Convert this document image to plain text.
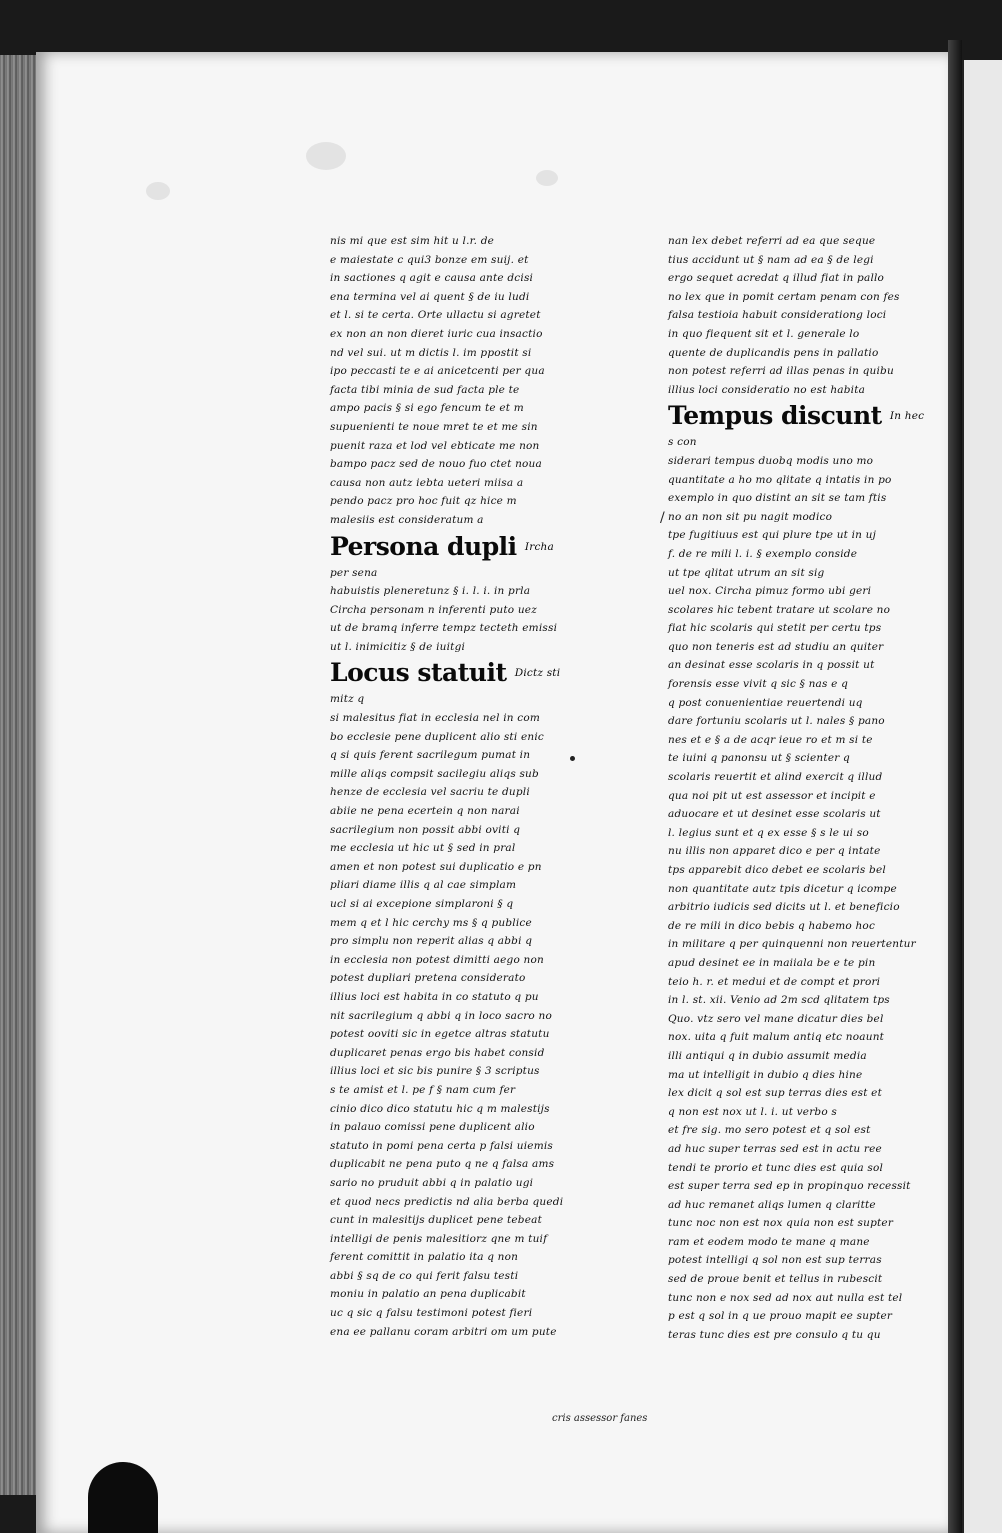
nis mi que est sim hit u l.r. de
e maiestate c qui3 bonze em suij. et
in sactiones q agit e causa ante dcisi
ena termina vel ai quent § de iu ludi
et l. si te certa. Orte ullactu si agretet
ex non an non dieret iuric cua insactio
nd vel sui. ut m dictis l. im ppostit si
ipo peccasti te e ai anicetcenti per qua
facta tibi minia de sud facta ple te
ampo pacis § si ego fencum te et m
supuenienti te noue mret te et me sin
puenit raza et lod vel ebticate me non
bampo pacz sed de nouo fuo ctet noua
causa non autz iebta ueteri miisa a
pendo pacz pro hoc fuit qz hice m
malesiis est consideratum a
Persona dupli $^{Ircha}$
per sena
habuistis pleneretunz § i. l. i. in prla
Circha personam n inferenti puto uez
ut de bramq inferre tempz tecteth emissi
ut l. inimicitiz § de iuitgi
Locus statuit $^{Dictz sti}$
mitz q
si malesitus fiat in ecclesia nel in com
bo ecclesie pene duplicent alio sti enic
q si quis ferent sacrilegum pumat in
mille aliqs compsit sacilegiu aliqs sub
henze de ecclesia vel sacriu te dupli
abiie ne pena ecertein q non narai
sacrilegium non possit abbi oviti q
me ecclesia ut hic ut § sed in pral
amen et non potest sui duplicatio e pn
pliari diame illis q al cae simplam
ucl si ai excepione simplaroni § q
mem q et l hic cerchy ms § q publice
pro simplu non reperit alias q abbi q
in ecclesia non potest dimitti aego non
potest dupliari pretena considerato
illius loci est habita in co statuto q pu
nit sacrilegium q abbi q in loco sacro no
potest ooviti sic in egetce altras statutu
duplicaret penas ergo bis habet consid
illius loci et sic bis punire § 3 scriptus
s te amist et l. pe f § nam cum fer
cinio dico dico statutu hic q m malestijs
in palauo comissi pene duplicent alio
statuto in pomi pena certa p falsi uiemis
duplicabit ne pena puto q ne q falsa ams
sario no pruduit abbi q in palatio ugi
et quod necs predictis nd alia berba quedi
cunt in malesitijs duplicet pene tebeat
intelligi de penis malesitiorz qne m tuif
ferent comittit in palatio ita q non
abbi § sq de co qui ferit falsu testi
moniu in palatio an pena duplicabit
uc q sic q falsu testimoni potest fieri
ena ee pallanu coram arbitri om um pute
nan lex debet referri ad ea que seque
tius accidunt ut § nam ad ea § de legi
ergo sequet acredat q illud fiat in pallo
no lex que in pomit certam penam con fes
falsa testioia habuit considerationg loci
in quo fiequent sit et l. generale lo
quente de duplicandis pens in pallatio
non potest referri ad illas penas in quibu
illius loci consideratio no est habita
Tempus discunt $^{In hec}$
s con
siderari tempus duobq modis uno mo
quantitate a ho mo qlitate q intatis in po
exemplo in quo distint an sit se tam ftis
no an non sit pu nagit modico
tpe fugitiuus est qui plure tpe ut in uj
f. de re mili l. i. § exemplo conside
ut tpe qlitat utrum an sit sig
uel nox. Circha pimuz formo ubi geri
scolares hic tebent tratare ut scolare no
fiat hic scolaris qui stetit per certu tps
quo non teneris est ad studiu an quiter
an desinat esse scolaris in q possit ut
forensis esse vivit q sic § nas e q
q post conuenientiae reuertendi uq
dare fortuniu scolaris ut l. nales § pano
nes et e § a de acqr ieue ro et m si te
te iuini q panonsu ut § scienter q
scolaris reuertit et alind exercit q illud
qua noi pit ut est assessor et incipit e
aduocare et ut desinet esse scolaris ut
l. legius sunt et q ex esse § s le ui so
nu illis non apparet dico e per q intate
tps apparebit dico debet ee scolaris bel
non quantitate autz tpis dicetur q icompe
arbitrio iudicis sed dicits ut l. et beneficio
de re mili in dico bebis q habemo hoc
in militare q per quinquenni non reuertentur
apud desinet ee in maiiala be e te pin
teio h. r. et medui et de compt et prori
in l. st. xii. Venio ad 2m scd qlitatem tps
Quo. vtz sero vel mane dicatur dies bel
nox. uita q fuit malum antiq etc noaunt
illi antiqui q in dubio assumit media
ma ut intelligit in dubio q dies hine
lex dicit q sol est sup terras dies est et
q non est nox ut l. i. ut verbo s
et fre sig. mo sero potest et q sol est
ad huc super terras sed est in actu ree
tendi te prorio et tunc dies est quia sol
est super terra sed ep in propinquo recessit
ad huc remanet aliqs lumen q claritte
tunc noc non est nox quia non est supter
ram et eodem modo te mane q mane
potest intelligi q sol non est sup terras
sed de proue benit et tellus in rubescit
tunc non e nox sed ad nox aut nulla est tel
p est q sol in q ue prouo mapit ee supter
teras tunc dies est pre consulo q tu qu
/
cris assessor fanes
